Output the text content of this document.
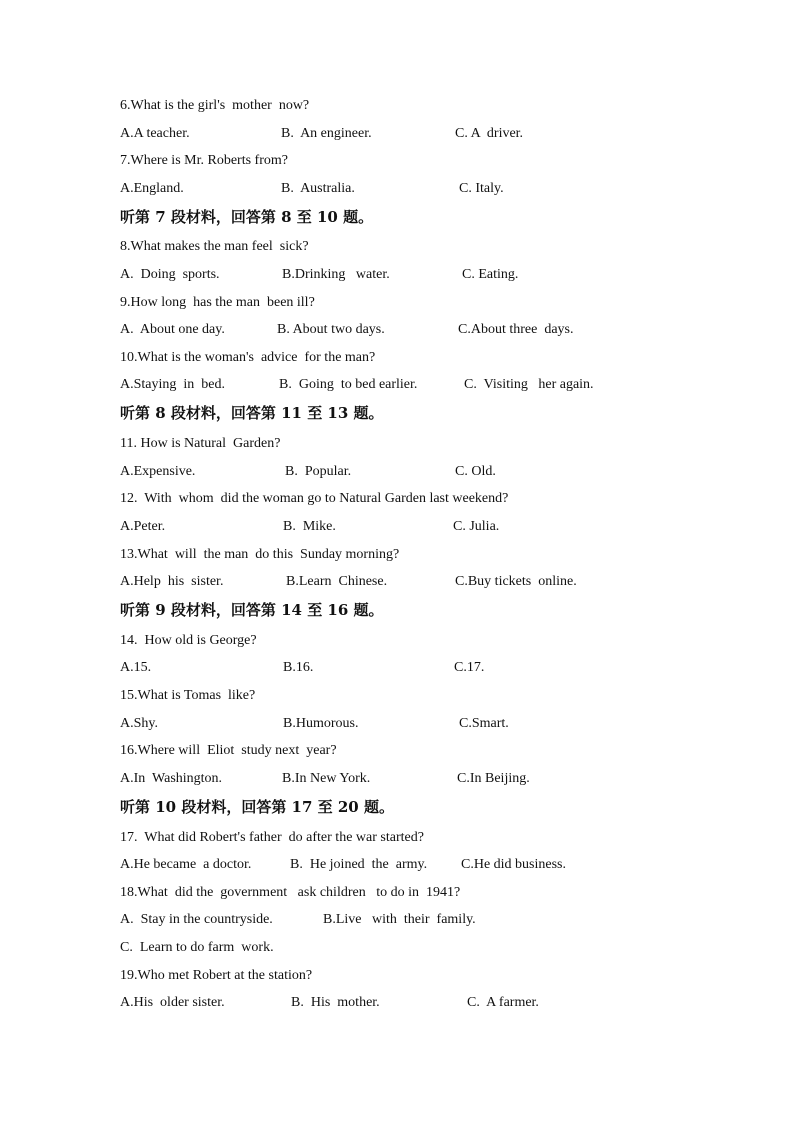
6.What is the girl's  mother  now?
A.A teacher.	B.  An engineer.	C. A  driver.
7.Where is Mr. Roberts from?
A.England.	B.  Australia.	C. Italy.
听第 7 段材料，回答第 8 至 10 题。
8.What makes the man feel  sick?
A.  Doing  sports.	B.Drinking   water.	C. Eating.
9.How long  has the man  been ill?
A.  About one day.	B. About two days.	C.About three  days.
10.What is the woman's  advice  for the man?
A.Staying  in  bed.	B.  Going  to bed earlier.	C.  Visiting   her again.
听第 8 段材料，回答第 11 至 13 题。
11. How is Natural  Garden?
A.Expensive.	B.  Popular.	C. Old.
12.  With  whom  did the woman go to Natural Garden last weekend?
A.Peter.	B.  Mike.	C. Julia.
13.What  will  the man  do this  Sunday morning?
A.Help  his  sister.	B.Learn  Chinese.	C.Buy tickets  online.
听第 9 段材料，回答第 14 至 16 题。
14.  How old is George?
A.15.	B.16.	C.17.
15.What is Tomas  like?
A.Shy.	B.Humorous.	C.Smart.
16.Where will  Eliot  study next  year?
A.In  Washington.	B.In New York.	C.In Beijing.
听第 10 段材料，回答第 17 至 20 题。
17.  What did Robert's father  do after the war started?
A.He became  a doctor.	B.  He joined  the  army. C.He did business.
18.What  did the  government   ask children   to do in  1941?
A.  Stay in the countryside.	B.Live   with  their  family.
C.  Learn to do farm  work.
19.Who met Robert at the station?
A.His  older sister.	B.  His  mother.	C.  A farmer.
